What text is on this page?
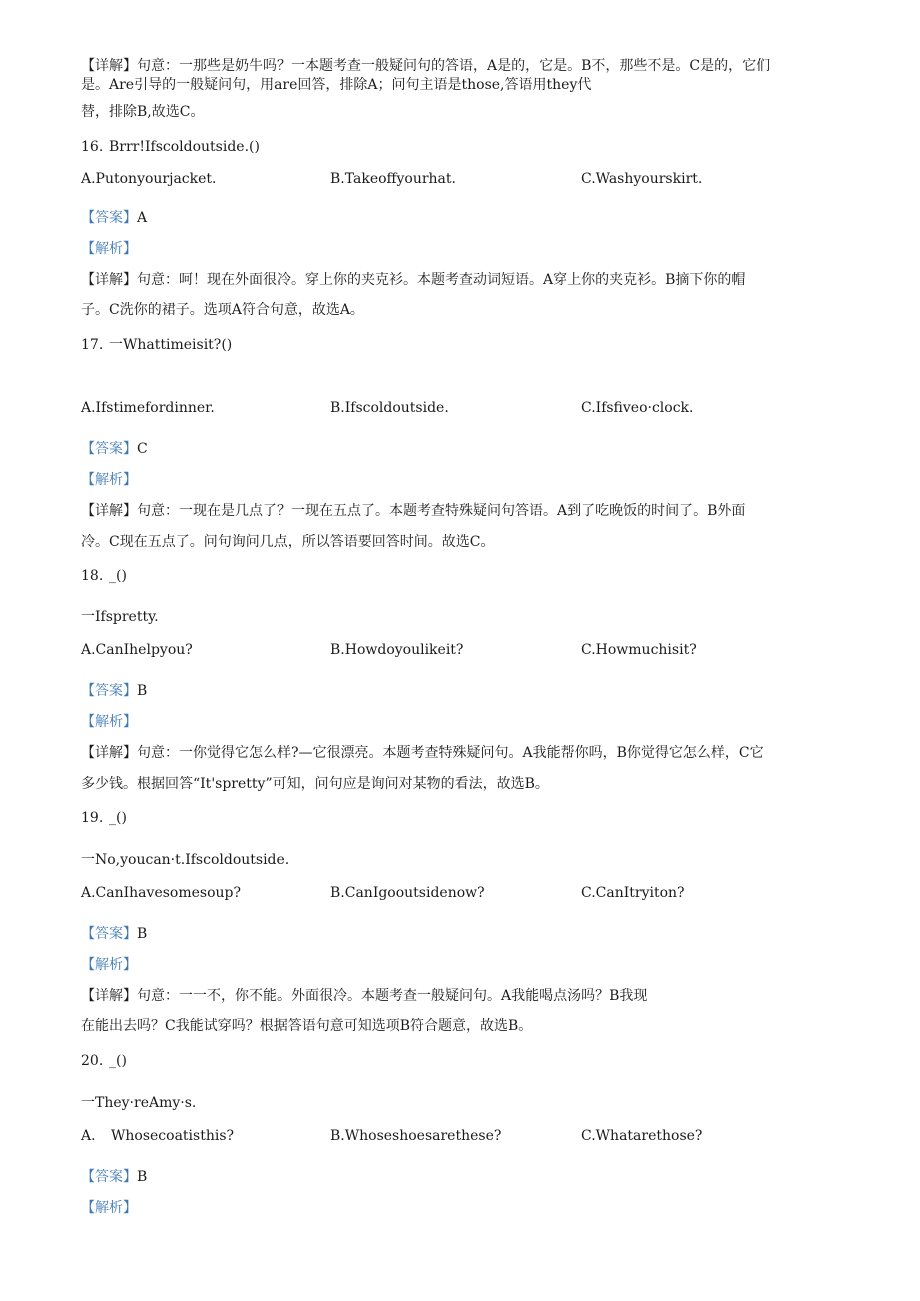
【详解】句意：一那些是奶牛吗？一本题考查一般疑问句的答语，A是的，它是。B不，那些不是。C是的，它们
是。Are引导的一般疑问句，用are回答，排除A；问句主语是those,答语用they代
替，排除B,故选C。
16. Brrr!Ifscoldoutside.()
A.Putonyourjacket.	B.Takeoffyourhat.	C.Washyourskirt.
【答案】A
【解析】
【详解】句意：呵！现在外面很冷。穿上你的夹克衫。本题考查动词短语。A穿上你的夹克衫。B摘下你的帽
子。C洗你的裙子。选项A符合句意，故选A。
17. 一Whattimeisit?()
A.Ifstimefordinner.	B.Ifscoldoutside.	C.Ifsfiveo·clock.
【答案】C
【解析】
【详解】句意：一现在是几点了？一现在五点了。本题考查特殊疑问句答语。A到了吃晚饭的时间了。B外面
冷。C现在五点了。问句询问几点，所以答语要回答时间。故选C。
18. _()
一Ifspretty.
A.CanIhelpyou?	B.Howdoyoulikeit?	C.Howmuchisit?
【答案】B
【解析】
【详解】句意：一你觉得它怎么样?—它很漂亮。本题考查特殊疑问句。A我能帮你吗，B你觉得它怎么样，C它
多少钱。根据回答“It'spretty”可知，问句应是询问对某物的看法，故选B。
19. _()
一No,youcan·t.Ifscoldoutside.
A.CanIhavesomesoup?	B.CanIgooutsidenow?	C.CanItryiton?
【答案】B
【解析】
【详解】句意：一一不，你不能。外面很冷。本题考查一般疑问句。A我能喝点汤吗？B我现
在能出去吗？C我能试穿吗？根据答语句意可知选项B符合题意，故选B。
20. _()
一They·reAmy·s.
A. Whosecoatisthis?	B.Whoseshoesarethese?	C.Whatarethose?
【答案】B
【解析】
